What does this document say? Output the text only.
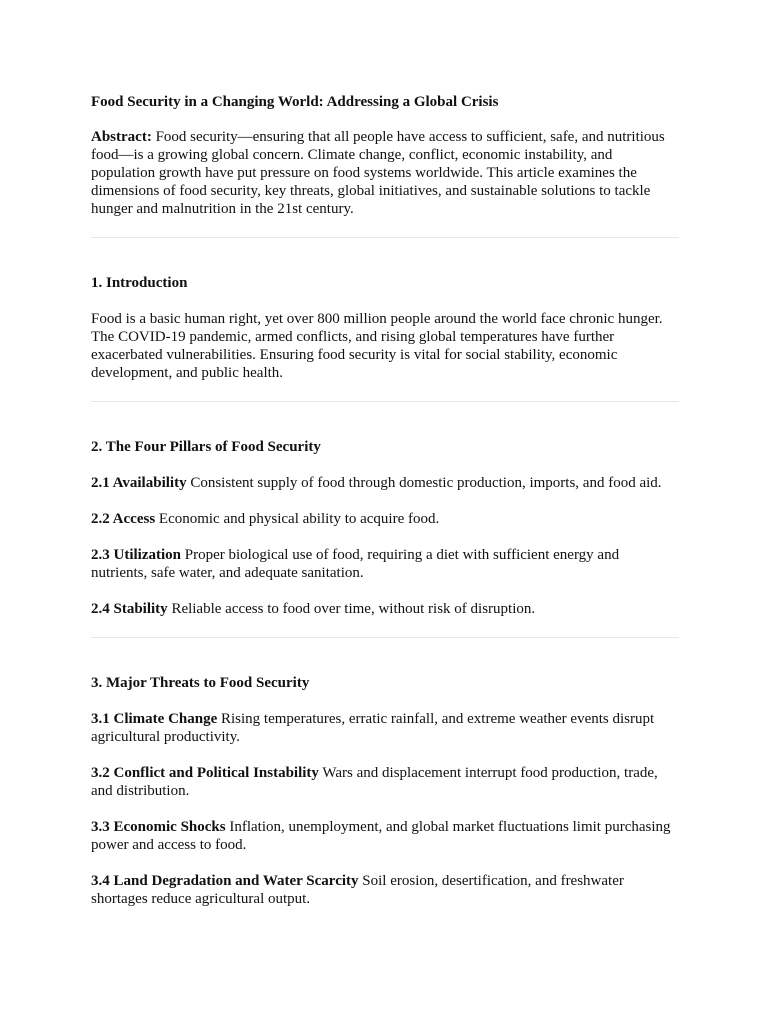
Food Security in a Changing World: Addressing a Global Crisis

Abstract: Food security—ensuring that all people have access to sufficient, safe, and nutritious food—is a growing global concern. Climate change, conflict, economic instability, and population growth have put pressure on food systems worldwide. This article examines the dimensions of food security, key threats, global initiatives, and sustainable solutions to tackle hunger and malnutrition in the 21st century.

1. Introduction

Food is a basic human right, yet over 800 million people around the world face chronic hunger. The COVID-19 pandemic, armed conflicts, and rising global temperatures have further exacerbated vulnerabilities. Ensuring food security is vital for social stability, economic development, and public health.

2. The Four Pillars of Food Security

2.1 Availability Consistent supply of food through domestic production, imports, and food aid.

2.2 Access Economic and physical ability to acquire food.

2.3 Utilization Proper biological use of food, requiring a diet with sufficient energy and nutrients, safe water, and adequate sanitation.

2.4 Stability Reliable access to food over time, without risk of disruption.

3. Major Threats to Food Security

3.1 Climate Change Rising temperatures, erratic rainfall, and extreme weather events disrupt agricultural productivity.

3.2 Conflict and Political Instability Wars and displacement interrupt food production, trade, and distribution.

3.3 Economic Shocks Inflation, unemployment, and global market fluctuations limit purchasing power and access to food.

3.4 Land Degradation and Water Scarcity Soil erosion, desertification, and freshwater shortages reduce agricultural output.
